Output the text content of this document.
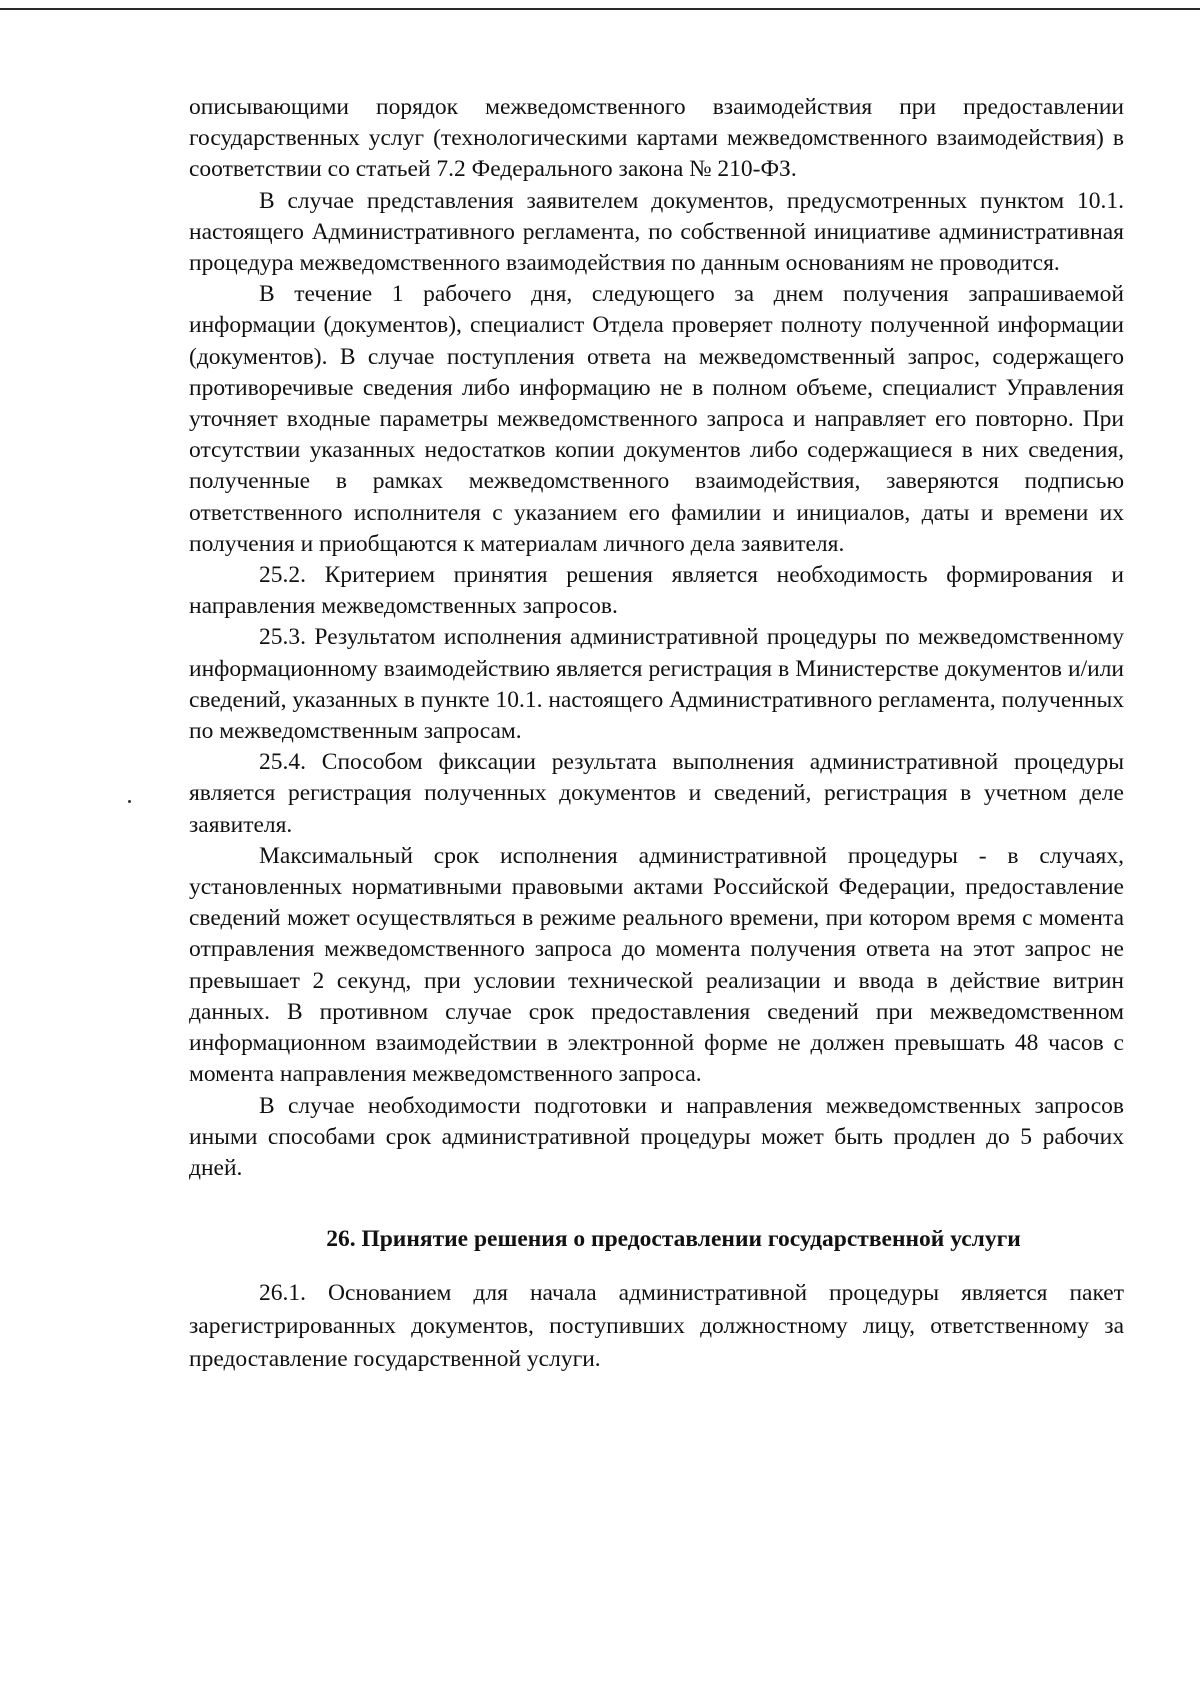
описывающими порядок межведомственного взаимодействия при предоставлении государственных услуг (технологическими картами межведомственного взаимодействия) в соответствии со статьей 7.2 Федерального закона № 210-ФЗ.

В случае представления заявителем документов, предусмотренных пунктом 10.1. настоящего Административного регламента, по собственной инициативе административная процедура межведомственного взаимодействия по данным основаниям не проводится.

В течение 1 рабочего дня, следующего за днем получения запрашиваемой информации (документов), специалист Отдела проверяет полноту полученной информации (документов). В случае поступления ответа на межведомственный запрос, содержащего противоречивые сведения либо информацию не в полном объеме, специалист Управления уточняет входные параметры межведомственного запроса и направляет его повторно. При отсутствии указанных недостатков копии документов либо содержащиеся в них сведения, полученные в рамках межведомственного взаимодействия, заверяются подписью ответственного исполнителя с указанием его фамилии и инициалов, даты и времени их получения и приобщаются к материалам личного дела заявителя.

25.2. Критерием принятия решения является необходимость формирования и направления межведомственных запросов.

25.3. Результатом исполнения административной процедуры по межведомственному информационному взаимодействию является регистрация в Министерстве документов и/или сведений, указанных в пункте 10.1. настоящего Административного регламента, полученных по межведомственным запросам.

25.4. Способом фиксации результата выполнения административной процедуры является регистрация полученных документов и сведений, регистрация в учетном деле заявителя.

Максимальный срок исполнения административной процедуры - в случаях, установленных нормативными правовыми актами Российской Федерации, предоставление сведений может осуществляться в режиме реального времени, при котором время с момента отправления межведомственного запроса до момента получения ответа на этот запрос не превышает 2 секунд, при условии технической реализации и ввода в действие витрин данных. В противном случае срок предоставления сведений при межведомственном информационном взаимодействии в электронной форме не должен превышать 48 часов с момента направления межведомственного запроса.

В случае необходимости подготовки и направления межведомственных запросов иными способами срок административной процедуры может быть продлен до 5 рабочих дней.

26. Принятие решения о предоставлении государственной услуги

26.1. Основанием для начала административной процедуры является пакет зарегистрированных документов, поступивших должностному лицу, ответственному за предоставление государственной услуги.
